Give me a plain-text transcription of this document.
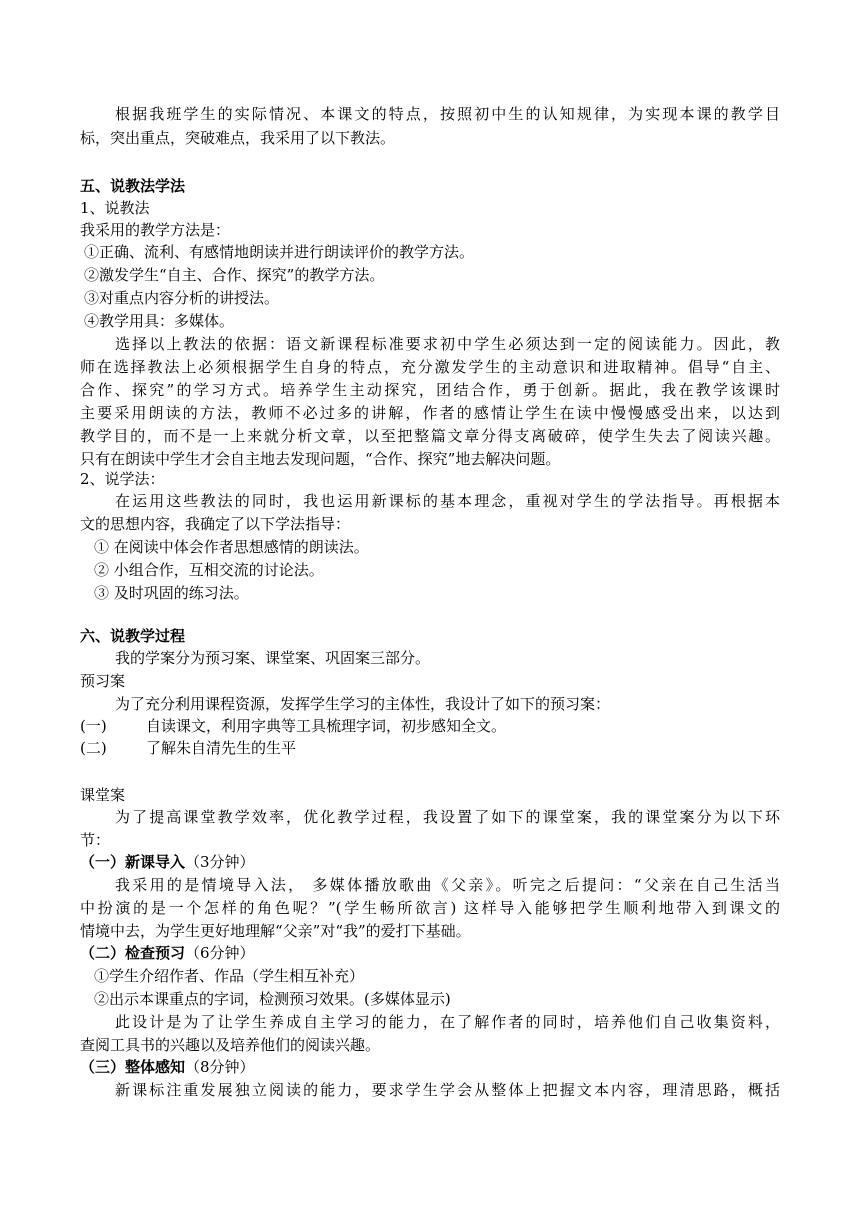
根据我班学生的实际情况、本课文的特点，按照初中生的认知规律，为实现本课的教学目
标，突出重点，突破难点，我采用了以下教法。
五、说教法学法
1、说教法
我采用的教学方法是：
①正确、流利、有感情地朗读并进行朗读评价的教学方法。
②激发学生“自主、合作、探究”的教学方法。
③对重点内容分析的讲授法。
④教学用具：多媒体。
选择以上教法的依据：语文新课程标准要求初中学生必须达到一定的阅读能力。因此，教
师在选择教法上必须根据学生自身的特点，充分激发学生的主动意识和进取精神。倡导“自主、
合作、探究”的学习方式。培养学生主动探究，团结合作，勇于创新。据此，我在教学该课时
主要采用朗读的方法，教师不必过多的讲解，作者的感情让学生在读中慢慢感受出来，以达到
教学目的，而不是一上来就分析文章，以至把整篇文章分得支离破碎，使学生失去了阅读兴趣。
只有在朗读中学生才会自主地去发现问题，“合作、探究”地去解决问题。
2、说学法：
在运用这些教法的同时，我也运用新课标的基本理念，重视对学生的学法指导。再根据本
文的思想内容，我确定了以下学法指导：
① 在阅读中体会作者思想感情的朗读法。
② 小组合作，互相交流的讨论法。
③ 及时巩固的练习法。
六、说教学过程
我的学案分为预习案、课堂案、巩固案三部分。
预习案
为了充分利用课程资源，发挥学生学习的主体性，我设计了如下的预习案：
(一)	自读课文，利用字典等工具梳理字词，初步感知全文。
(二)	了解朱自清先生的生平
课堂案
为了提高课堂教学效率，优化教学过程，我设置了如下的课堂案，我的课堂案分为以下环
节：
（一）新课导入（3分钟）
我采用的是情境导入法， 多媒体播放歌曲《父亲》。听完之后提问：“父亲在自己生活当
中扮演的是一个怎样的角色呢？”(学生畅所欲言) 这样导入能够把学生顺利地带入到课文的
情境中去，为学生更好地理解“父亲”对“我”的爱打下基础。
（二）检查预习（6分钟）
①学生介绍作者、作品（学生相互补充）
②出示本课重点的字词，检测预习效果。(多媒体显示)
此设计是为了让学生养成自主学习的能力，在了解作者的同时，培养他们自己收集资料，
查阅工具书的兴趣以及培养他们的阅读兴趣。
（三）整体感知（8分钟）
新课标注重发展独立阅读的能力，要求学生学会从整体上把握文本内容，理清思路，概括
